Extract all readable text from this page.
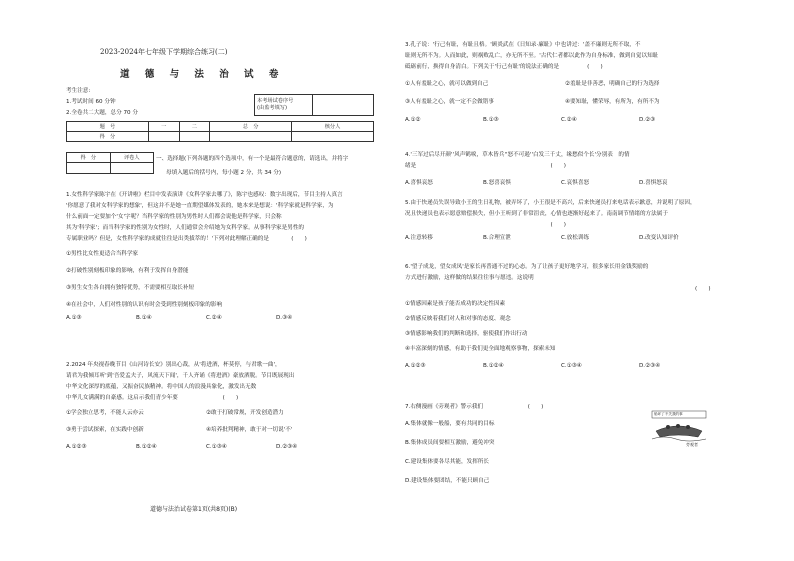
2023-2024年七年级下学期综合练习(二)
道 德 与 法 治 试 卷
考生注意:
1.考试时间 60 分钟
2.全卷共二大题，总分 70 分
本考场试卷序号
(由监考填写)	
题　号	一	二	总　分	核分人
得　分				
得　分	评卷人
		一、选择题(下列各题的四个选项中，有一个是最符合题意的，请选出，并将字
母填入题后的括号内，每小题 2 分，共 34 分)
1.女性科学家陈宇在《开讲啦》栏目中发表演讲《女科学家去哪了》，陈宇也感叹：数字出现后，节目主持人真言
'你愿意了我对女科学家的想象'，但这并不是她一直期望媒体发表的，她本来是想说：'科学家就是科学家，为
什么前面一定要加个'女'字呢？当科学家的性别为男性时人们都会说他是科学家，只会称
其为'科学家'；而当科学家的性别为女性时，人们通常会介绍她为女科学家。从事科学家是男性的
专属职业吗？但是，女性科学家的成就往往是出类拔萃的！'下列对此理解正确的是　　　　(　　)
①男性比女性更适合当科学家
②打破性别刻板印象的影响，有利于发挥自身潜能
③男生女生各自拥有独特优势，不需要相互取长补短
④在社会中，人们对性别的认识有时会受到性别刻板印象的影响
A.①③	B.①④	C.②④	D.③④
2.2024 年央视春晚节目《山河诗长安》别出心裁，从'将进酒，杯莫停，与君歌一曲'，
请君为我倾耳听'到'吾爱孟夫子，风流天下闻'，千人齐诵《将进酒》豪放洒脱。节目既展现出
中华文化深厚的底蕴，又振奋民族精神。将中国人的浪漫具象化，激发出无数
中华儿女满满的自豪感。这启示我们青少年要　　　　　　　　(　　)
①学会独立思考，不能人云亦云	②敢于打破常规，开发创造潜力
③勇于尝试探索，在实践中创新	④培养批判精神，敢于对一切说'不'
A.①②③	B.①②④	C.①③④	D.②③④
道德与法治试卷第1页(共8页)(B)
3.孔子说：'行己有耻，有耻且格。'顾炎武在《日知录·廉耻》中也讲过：'盖不廉则无所不取，不
耻则无所不为。人而如此，则祸败乱亡，亦无所不至。'古代仁者都以此作为自身标准，做到自觉以知耻
砥砺前行，换得自身清白。下列关于'行己有耻'的说法正确的是　　　　　(　　)
①人有羞耻之心，就可以做到自己	②羞耻是非善恶，明确自己的行为选择
③人有羞耻之心，就一定不会做错事	④要知耻，懂荣辱，有所为，有所不为
A.①②	B.①③	C.②④	D.②③
4.'三军过后尽开颜''风声鹤唳，草木皆兵''怒不可遏''白发三千丈，缘愁似个长'分别表　的情
绪是　　　　　　　　　　　　　　　　　　　　　　　　(　　)
A.喜惧哀怒	B.怒喜哀惧	C.哀惧喜怒	D.喜惧怒哀
5.由于快递员失误导致小王的生日礼物，被弄坏了，小王很是不高兴，后来快递员打来电话表示歉意，并说明了原因，
况且快递员也表示愿意赔偿损失，但小王听到了非常沮丧，心情也逐渐好起来了。南南调节情绪的方法属于
　　　　　　　　　　　　　　　　　　　　　　　　　　(　　)
A.注意转移	B.合理宣泄	C.放松训练	D.改变认知评价
6.'望子成龙，望女成凤'是家长再普通不过的心态。为了让孩子更好地学习，很多家长用金钱奖励的
方式进行激励，这样做的结果往往事与愿违。这说明
(　　)
①情感因素是孩子能否成功的决定性因素
②情感反映着我们对人和对事的态度、观念
③情感影响我们的判断和选择，驱使我们作出行动
④丰富深刻的情感，有助于我们更全面地观察事物，探索未知
A.①②③	B.①②④	C.①③④	D.②③④
7.右侧漫画《旁观者》警示我们　　　　　　　　(　　)
A.集体就像一般船，要有共同的目标
B.集体成员间要相互激励，避免冲突
C.建设集体要各尽其能，发挥所长
D.建设集体要团结，不能只顾自己
船坏了不关我的事
旁观者
